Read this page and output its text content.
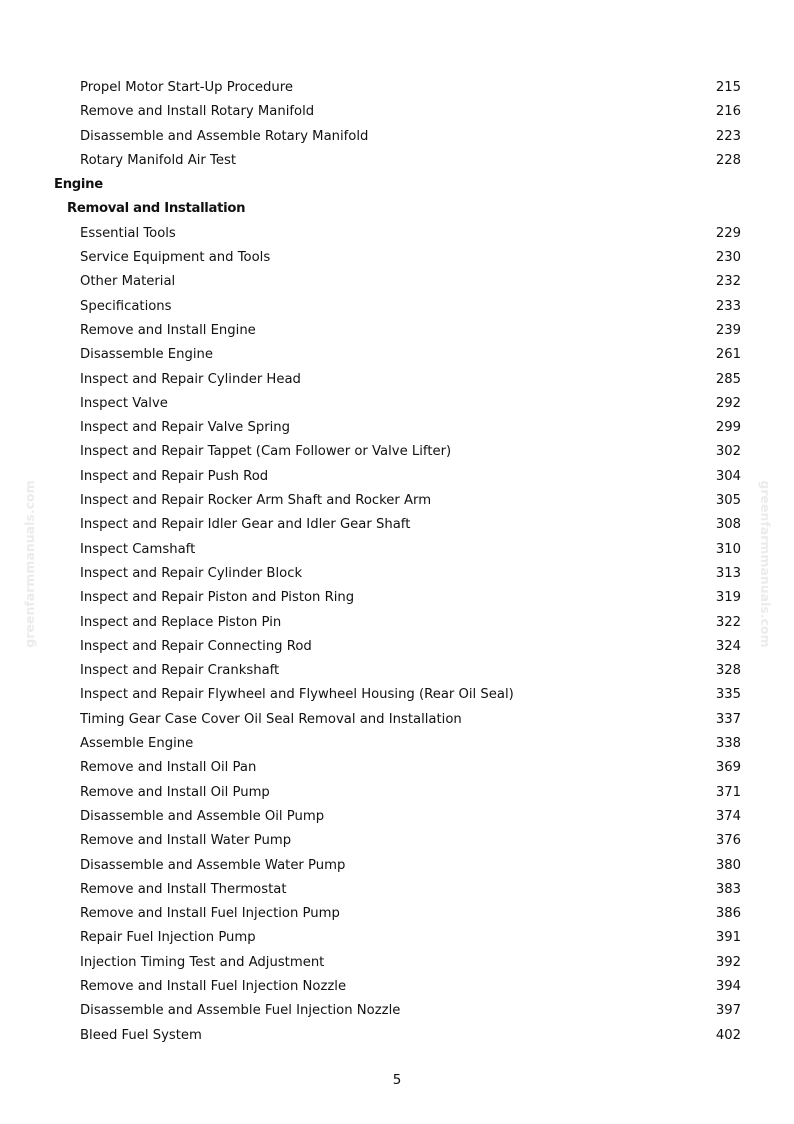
greenfarmmanuals.com	greenfarmmanuals.com
Propel Motor Start-Up Procedure	215
Remove and Install Rotary Manifold	216
Disassemble and Assemble Rotary Manifold	223
Rotary Manifold Air Test	228
Engine
Removal and Installation
Essential Tools	229
Service Equipment and Tools	230
Other Material	232
Specifications	233
Remove and Install Engine	239
Disassemble Engine	261
Inspect and Repair Cylinder Head	285
Inspect Valve	292
Inspect and Repair Valve Spring	299
Inspect and Repair Tappet (Cam Follower or Valve Lifter)	302
Inspect and Repair Push Rod	304
Inspect and Repair Rocker Arm Shaft and Rocker Arm	305
Inspect and Repair Idler Gear and Idler Gear Shaft	308
Inspect Camshaft	310
Inspect and Repair Cylinder Block	313
Inspect and Repair Piston and Piston Ring	319
Inspect and Replace Piston Pin	322
Inspect and Repair Connecting Rod	324
Inspect and Repair Crankshaft	328
Inspect and Repair Flywheel and Flywheel Housing (Rear Oil Seal)	335
Timing Gear Case Cover Oil Seal Removal and Installation	337
Assemble Engine	338
Remove and Install Oil Pan	369
Remove and Install Oil Pump	371
Disassemble and Assemble Oil Pump	374
Remove and Install Water Pump	376
Disassemble and Assemble Water Pump	380
Remove and Install Thermostat	383
Remove and Install Fuel Injection Pump	386
Repair Fuel Injection Pump	391
Injection Timing Test and Adjustment	392
Remove and Install Fuel Injection Nozzle	394
Disassemble and Assemble Fuel Injection Nozzle	397
Bleed Fuel System	402
5
